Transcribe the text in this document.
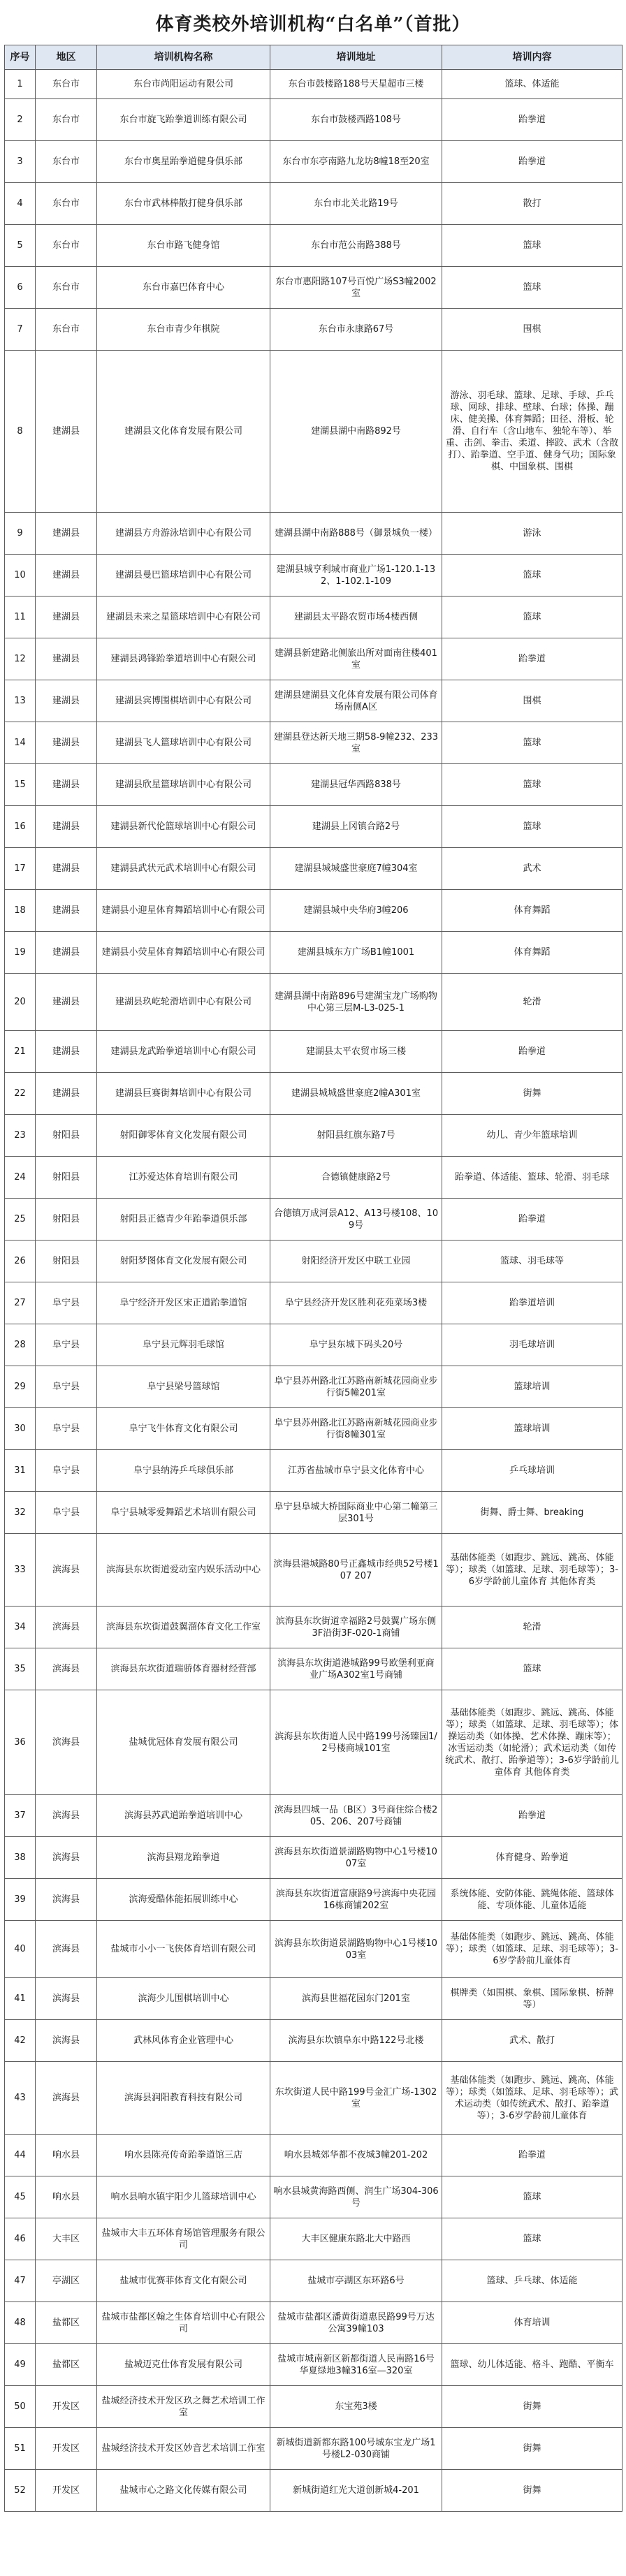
体育类校外培训机构“白名单”（首批）
序号	地区	培训机构名称	培训地址	培训内容
1	东台市	东台市尚阳运动有限公司	东台市鼓楼路188号天星超市三楼	篮球、体适能
2	东台市	东台市旋飞跆拳道训练有限公司	东台市鼓楼西路108号	跆拳道
3	东台市	东台市奥星跆拳道健身俱乐部	东台市东亭南路九龙坊8幢18至20室	跆拳道
4	东台市	东台市武林棒散打健身俱乐部	东台市北关北路19号	散打
5	东台市	东台市路飞健身馆	东台市范公南路388号	篮球
6	东台市	东台市嘉巴体育中心	东台市惠阳路107号百悦广场S3幢2002室	篮球
7	东台市	东台市青少年棋院	东台市永康路67号	围棋
8	建湖县	建湖县文化体育发展有限公司	建湖县湖中南路892号	游泳、羽毛球、篮球、足球、手球、乒乓球、网球、排球、壁球、台球；体操、蹦床、健美操、体育舞蹈；田径、滑板、轮滑、自行车（含山地车、独轮车等）、举重、击剑、拳击、柔道、摔跤、武术（含散打）、跆拳道、空手道、健身气功；国际象棋、中国象棋、围棋
9	建湖县	建湖县方舟游泳培训中心有限公司	建湖县湖中南路888号（御景城负一楼）	游泳
10	建湖县	建湖县曼巴篮球培训中心有限公司	建湖县城亨利城市商业广场1-120.1-132、1-102.1-109	篮球
11	建湖县	建湖县未来之星篮球培训中心有限公司	建湖县太平路农贸市场4楼西侧	篮球
12	建湖县	建湖县鸿锋跆拳道培训中心有限公司	建湖县新建路北侧旅出所对面南往楼401室	跆拳道
13	建湖县	建湖县宾博围棋培训中心有限公司	建湖县建湖县文化体育发展有限公司体育场南侧A区	围棋
14	建湖县	建湖县飞人篮球培训中心有限公司	建湖县登达新天地三期58-9幢232、233室	篮球
15	建湖县	建湖县欣星篮球培训中心有限公司	建湖县冠华西路838号	篮球
16	建湖县	建湖县新代伦篮球培训中心有限公司	建湖县上冈镇合路2号	篮球
17	建湖县	建湖县武状元武术培训中心有限公司	建湖县城城盛世豪庭7幢304室	武术
18	建湖县	建湖县小迎星体育舞蹈培训中心有限公司	建湖县城中央华府3幢206	体育舞蹈
19	建湖县	建湖县小荧星体育舞蹈培训中心有限公司	建湖县城东方广场B1幢1001	体育舞蹈
20	建湖县	建湖县玖屹轮滑培训中心有限公司	建湖县湖中南路896号建湖宝龙广场购物中心第三层M-L3-025-1	轮滑
21	建湖县	建湖县龙武跆拳道培训中心有限公司	建湖县太平农贸市场三楼	跆拳道
22	建湖县	建湖县巨赛街舞培训中心有限公司	建湖县城城盛世豪庭2幢A301室	街舞
23	射阳县	射阳御零体育文化发展有限公司	射阳县红旗东路7号	幼儿、青少年篮球培训
24	射阳县	江苏爱达体育培训有限公司	合德镇健康路2号	跆拳道、体适能、篮球、轮滑、羽毛球
25	射阳县	射阳县正德青少年跆拳道俱乐部	合德镇万成河景A12、A13号楼108、109号	跆拳道
26	射阳县	射阳梦图体育文化发展有限公司	射阳经济开发区中联工业园	篮球、羽毛球等
27	阜宁县	阜宁经济开发区宋正道跆拳道馆	阜宁县经济开发区胜利花苑菜场3楼	跆拳道培训
28	阜宁县	阜宁县元辉羽毛球馆	阜宁县东城下码头20号	羽毛球培训
29	阜宁县	阜宁县梁号篮球馆	阜宁县苏州路北江苏路南新城花园商业步行街5幢201室	篮球培训
30	阜宁县	阜宁飞牛体育文化有限公司	阜宁县苏州路北江苏路南新城花园商业步行街8幢301室	篮球培训
31	阜宁县	阜宁县纳涛乒乓球俱乐部	江苏省盐城市阜宁县文化体育中心	乒乓球培训
32	阜宁县	阜宁县城零爱舞蹈艺术培训有限公司	阜宁县阜城大桥国际商业中心第二幢第三层301号	街舞、爵士舞、breaking
33	滨海县	滨海县东坎街道爱动室内娱乐活动中心	滨海县港城路80号正鑫城市经典52号楼107 207	基础体能类（如跑步、跳远、跳高、体能等）；球类（如篮球、足球、羽毛球等）；3-6岁学龄前儿童体育 其他体育类
34	滨海县	滨海县东坎街道鼓翼溜体育文化工作室	滨海县东坎街道幸福路2号鼓翼广场东侧3F沿街3F-020-1商铺	轮滑
35	滨海县	滨海县东坎街道瑞骄体育器材经营部	滨海县东坎街道港城路99号欧堡利亚商业广场A302室1号商铺	篮球
36	滨海县	盐城优冠体育发展有限公司	滨海县东坎街道人民中路199号汤臻园1/2号楼商城101室	基础体能类（如跑步、跳远、跳高、体能等）；球类（如篮球、足球、羽毛球等）；体操运动类（如体操、艺术体操、蹦床等）；冰雪运动类（如轮滑）；武术运动类（如传统武术、散打、跆拳道等）；3-6岁学龄前儿童体育 其他体育类
37	滨海县	滨海县苏武道跆拳道培训中心	滨海县四城一品（B区）3号商住综合楼205、206、207号商铺	跆拳道
38	滨海县	滨海县翔龙跆拳道	滨海县东坎街道景湖路购物中心1号楼1007室	体育健身、跆拳道
39	滨海县	滨海爱酷体能拓展训练中心	滨海县东坎街道富康路9号滨海中央花园16栋商铺202室	系统体能、安防体能、跳绳体能、篮球体能、专项体能、儿童体适能
40	滨海县	盐城市小小一飞侠体育培训有限公司	滨海县东坎街道景湖路购物中心1号楼1003室	基础体能类（如跑步、跳远、跳高、体能等）；球类（如篮球、足球、羽毛球等）；3-6岁学龄前儿童体育
41	滨海县	滨海少儿围棋培训中心	滨海县世福花园东门201室	棋牌类（如围棋、象棋、国际象棋、桥牌等）
42	滨海县	武林风体育企业管理中心	滨海县东坎镇阜东中路122号北楼	武术、散打
43	滨海县	滨海县润阳教育科技有限公司	东坎街道人民中路199号金汇广场-1302室	基础体能类（如跑步、跳远、跳高、体能等）；球类（如篮球、足球、羽毛球等）；武术运动类（如传统武术、散打、跆拳道等）；3-6岁学龄前儿童体育
44	响水县	响水县陈亮传奇跆拳道馆三店	响水县城郊华都不夜城3幢201-202	跆拳道
45	响水县	响水县响水镇宇阳少儿篮球培训中心	响水县城黄海路西侧、润生广场304-306号	篮球
46	大丰区	盐城市大丰五环体育场馆管理服务有限公司	大丰区健康东路北大中路西	篮球
47	亭湖区	盐城市优赛菲体育文化有限公司	盐城市亭湖区东环路6号	篮球、乒乓球、体适能
48	盐都区	盐城市盐都区翰之生体育培训中心有限公司	盐城市盐都区潘黄街道惠民路99号万达公寓39幢103	体育培训
49	盐都区	盐城迈克仕体育发展有限公司	盐城市城南新区新都街道人民南路16号华夏绿地3幢316室—320室	篮球、幼儿体适能、格斗、跑酷、平衡车
50	开发区	盐城经济技术开发区玖之舞艺术培训工作室	东宝苑3楼	街舞
51	开发区	盐城经济技术开发区妙音艺术培训工作室	新城街道新都东路100号城东宝龙广场1号楼L2-030商铺	街舞
52	开发区	盐城市心之路文化传媒有限公司	新城街道红光大道创新城4-201	街舞
